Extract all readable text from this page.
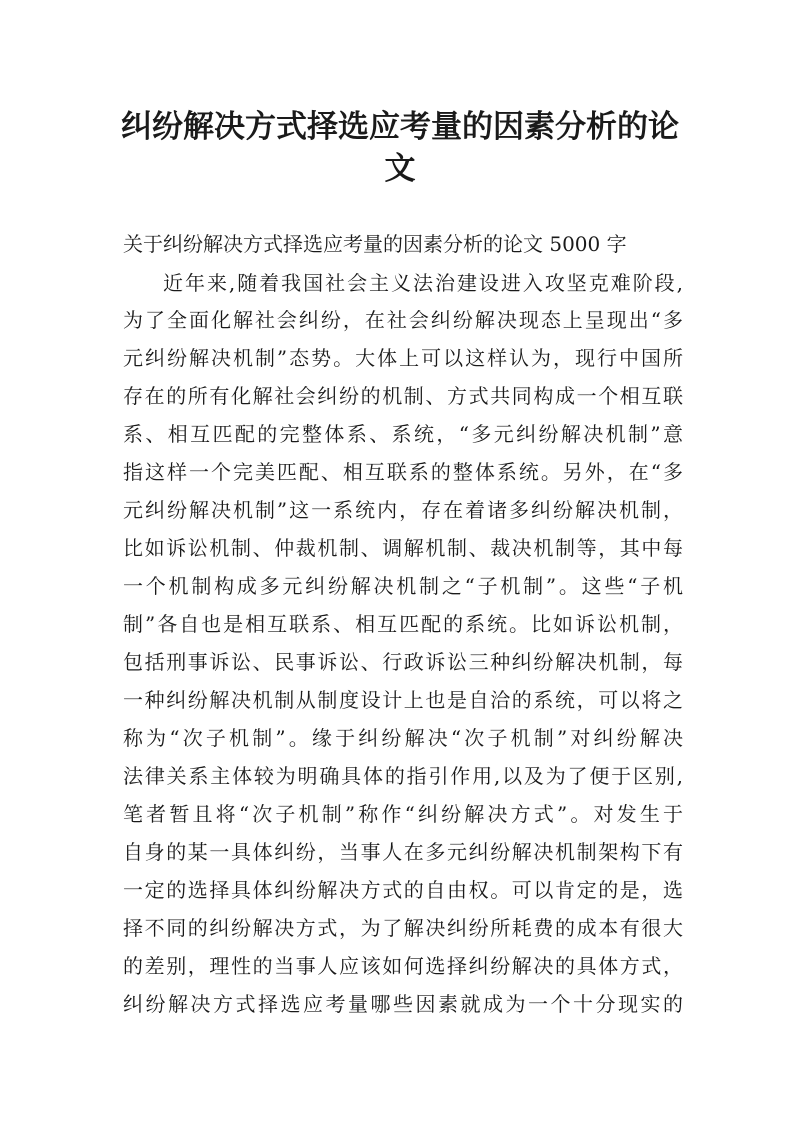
纠纷解决方式择选应考量的因素分析的论
文

关于纠纷解决方式择选应考量的因素分析的论文 5000 字

近年来,随着我国社会主义法治建设进入攻坚克难阶段,

为了全面化解社会纠纷，在社会纠纷解决现态上呈现出“多

元纠纷解决机制”态势。大体上可以这样认为，现行中国所

存在的所有化解社会纠纷的机制、方式共同构成一个相互联

系、相互匹配的完整体系、系统，“多元纠纷解决机制”意

指这样一个完美匹配、相互联系的整体系统。另外，在“多

元纠纷解决机制”这一系统内，存在着诸多纠纷解决机制，

比如诉讼机制、仲裁机制、调解机制、裁决机制等，其中每

一个机制构成多元纠纷解决机制之“子机制”。这些“子机

制”各自也是相互联系、相互匹配的系统。比如诉讼机制，

包括刑事诉讼、民事诉讼、行政诉讼三种纠纷解决机制，每

一种纠纷解决机制从制度设计上也是自洽的系统，可以将之

称为“次子机制”。缘于纠纷解决“次子机制”对纠纷解决

法律关系主体较为明确具体的指引作用,以及为了便于区别,

笔者暂且将“次子机制”称作“纠纷解决方式”。对发生于

自身的某一具体纠纷，当事人在多元纠纷解决机制架构下有

一定的选择具体纠纷解决方式的自由权。可以肯定的是，选

择不同的纠纷解决方式，为了解决纠纷所耗费的成本有很大

的差别，理性的当事人应该如何选择纠纷解决的具体方式，

纠纷解决方式择选应考量哪些因素就成为一个十分现实的
